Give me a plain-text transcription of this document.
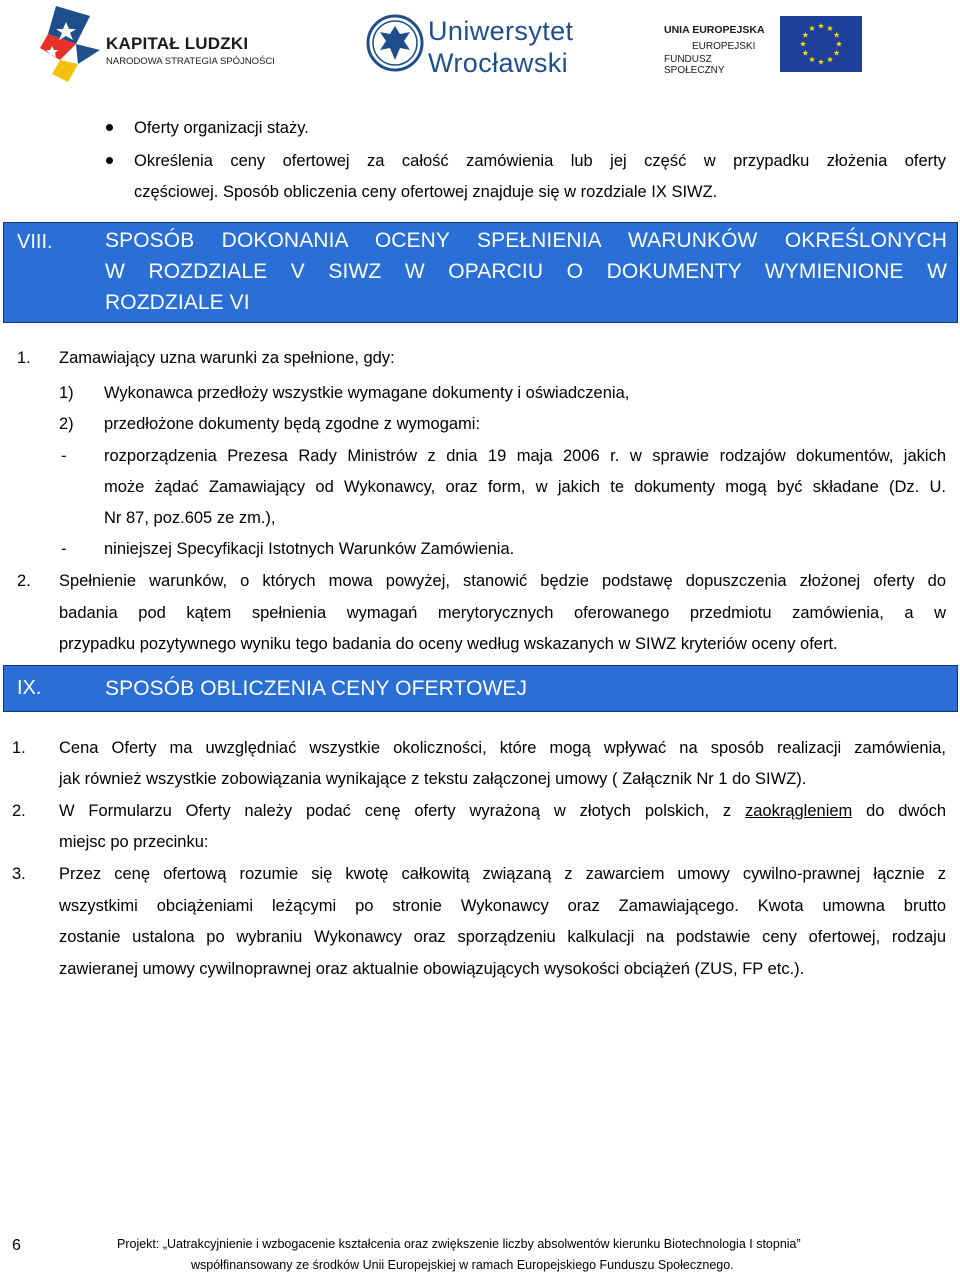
KAPITAŁ LUDZKI
NARODOWA STRATEGIA SPÓJNOŚCI
Uniwersytet
Wrocławski
UNIA EUROPEJSKA
EUROPEJSKI
FUNDUSZ SPOŁECZNY
Oferty organizacji staży.
Określenia ceny ofertowej za całość zamówienia lub jej część w przypadku złożenia oferty
częściowej. Sposób obliczenia ceny ofertowej znajduje się w rozdziale IX SIWZ.
VIII. SPOSÓB DOKONANIA OCENY SPEŁNIENIA WARUNKÓW OKREŚLONYCH
W ROZDZIALE V SIWZ W OPARCIU O DOKUMENTY WYMIENIONE W
ROZDZIALE VI
1. Zamawiający uzna warunki za spełnione, gdy:
1) Wykonawca przedłoży wszystkie wymagane dokumenty i oświadczenia,
2) przedłożone dokumenty będą zgodne z wymogami:
- rozporządzenia Prezesa Rady Ministrów z dnia 19 maja 2006 r. w sprawie rodzajów dokumentów, jakich
może żądać Zamawiający od Wykonawcy, oraz form, w jakich te dokumenty mogą być składane (Dz. U.
Nr 87, poz.605 ze zm.),
- niniejszej Specyfikacji Istotnych Warunków Zamówienia.
2. Spełnienie warunków, o których mowa powyżej, stanowić będzie podstawę dopuszczenia złożonej oferty do
badania pod kątem spełnienia wymagań merytorycznych oferowanego przedmiotu zamówienia, a w
przypadku pozytywnego wyniku tego badania do oceny według wskazanych w SIWZ kryteriów oceny ofert.
IX.	SPOSÓB OBLICZENIA CENY OFERTOWEJ
1. Cena Oferty ma uwzględniać wszystkie okoliczności, które mogą wpływać na sposób realizacji zamówienia,
jak również wszystkie zobowiązania wynikające z tekstu załączonej umowy ( Załącznik Nr 1 do SIWZ).
2. W Formularzu Oferty należy podać cenę oferty wyrażoną w złotych polskich, z zaokrągleniem do dwóch
miejsc po przecinku:
3. Przez cenę ofertową rozumie się kwotę całkowitą związaną z zawarciem umowy cywilno-prawnej łącznie z
wszystkimi obciążeniami leżącymi po stronie Wykonawcy oraz Zamawiającego. Kwota umowna brutto
zostanie ustalona po wybraniu Wykonawcy oraz sporządzeniu kalkulacji na podstawie ceny ofertowej, rodzaju
zawieranej umowy cywilnoprawnej oraz aktualnie obowiązujących wysokości obciążeń (ZUS, FP etc.).
6	Projekt: „Uatrakcyjnienie i wzbogacenie kształcenia oraz zwiększenie liczby absolwentów kierunku Biotechnologia I stopnia”
współfinansowany ze środków Unii Europejskiej w ramach Europejskiego Funduszu Społecznego.
